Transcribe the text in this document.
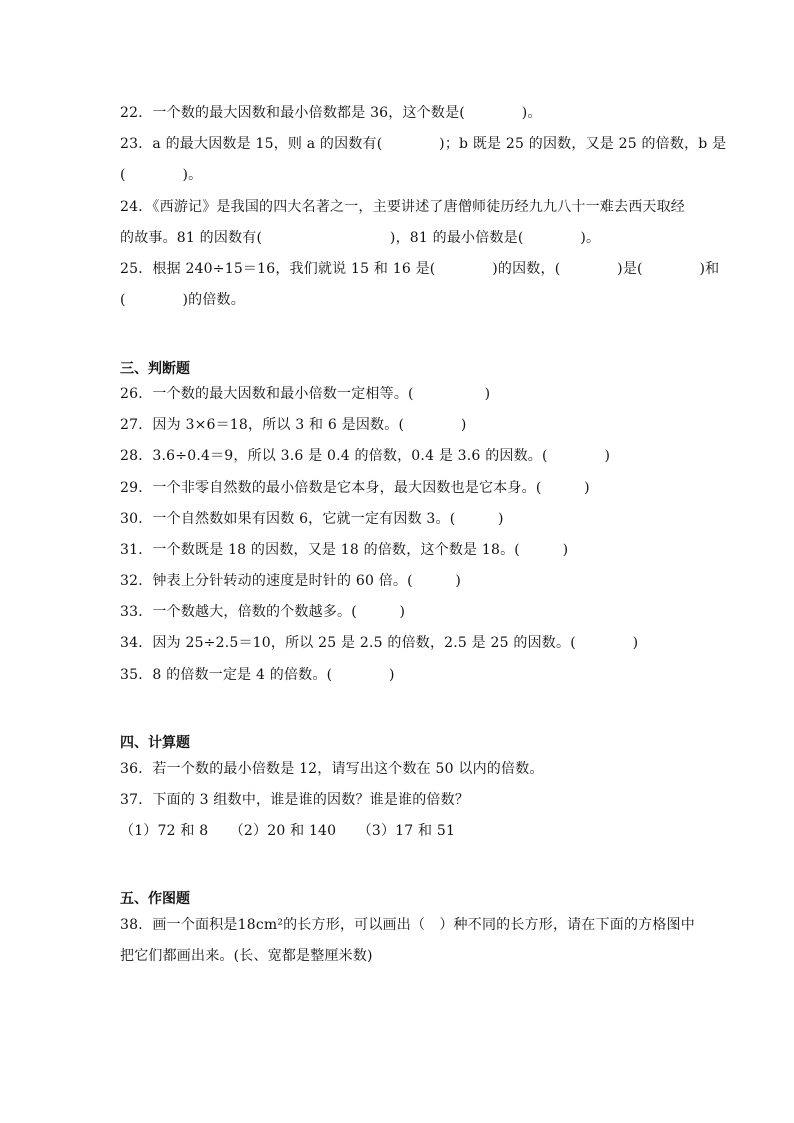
22．一个数的最大因数和最小倍数都是 36，这个数是(　　　　)。
23．a 的最大因数是 15，则 a 的因数有(　　　　)；b 既是 25 的因数，又是 25 的倍数，b 是
(　　　　)。
24．《西游记》是我国的四大名著之一，主要讲述了唐僧师徒历经九九八十一难去西天取经
的故事。81 的因数有(　　　　　　　　　)，81 的最小倍数是(　　　　)。
25．根据 240÷15＝16，我们就说 15 和 16 是(　　　　)的因数，(　　　　)是(　　　　)和
(　　　　)的倍数。
三、判断题
26．一个数的最大因数和最小倍数一定相等。(　　　　　)
27．因为 3×6＝18，所以 3 和 6 是因数。(　　　　)
28．3.6÷0.4＝9，所以 3.6 是 0.4 的倍数，0.4 是 3.6 的因数。(　　　　)
29．一个非零自然数的最小倍数是它本身，最大因数也是它本身。(　　　)
30．一个自然数如果有因数 6，它就一定有因数 3。(　　　)
31．一个数既是 18 的因数，又是 18 的倍数，这个数是 18。(　　　)
32．钟表上分针转动的速度是时针的 60 倍。(　　　)
33．一个数越大，倍数的个数越多。(　　　)
34．因为 25÷2.5＝10，所以 25 是 2.5 的倍数，2.5 是 25 的因数。(　　　　)
35．8 的倍数一定是 4 的倍数。(　　　　)
四、计算题
36．若一个数的最小倍数是 12，请写出这个数在 50 以内的倍数。
37．下面的 3 组数中，谁是谁的因数？谁是谁的倍数？
（1）72 和 8　　（2）20 和 140　　（3）17 和 51
五、作图题
38．画一个面积是18cm²的长方形，可以画出（　）种不同的长方形，请在下面的方格图中
把它们都画出来。(长、宽都是整厘米数)
